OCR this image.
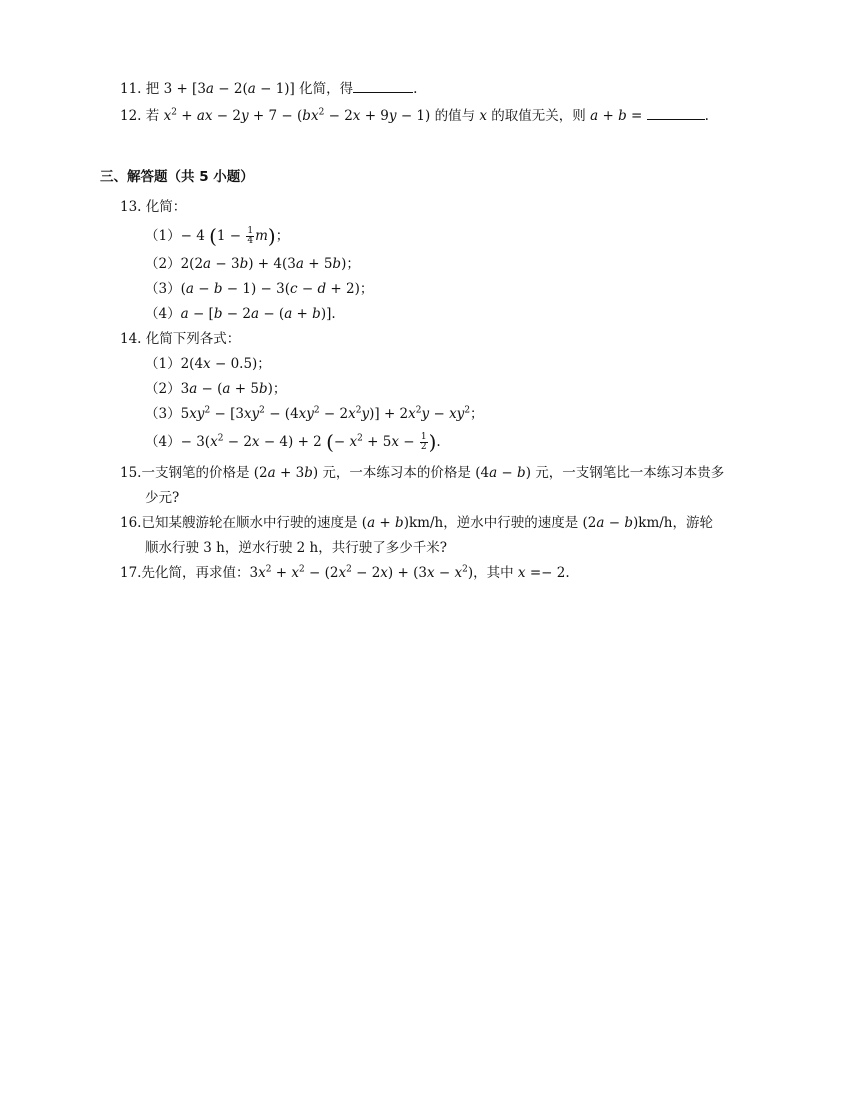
11. 把 3 + [3a − 2(a − 1)] 化简，得	.
12. 若 $x^2$ + ax − $2y + 7 - (bx^2 - 2x + 9y - 1)$ 的值与 x 的取值无关，则 a + b =	.
三、解答题（共 5 小题）
13. 化简：
（1）− 4 $(1 - \frac{1}{4} m)$；
（2）2(2a − 3b) + 4(3a + 5b)；
（3）(a − b − 1) − 3(c − d + 2)；
（4）a − [b − 2a − (a + b)].
14. 化简下列各式：
（1）2(4x − 0.5)；
（2）3a − (a + 5b)；
$(3)5xy^2 - [3xy^2 - (4xy^2 - 2x^2y)] + 2x^2y - xy^2$；
$(4)- 3(x^2 - 2x - 4) + 2$ (− $x^2 + 5x - \frac{1}{2}$ ).
15.一支钢笔的价格是 (2a + 3b) 元，一本练习本的价格是 (4a − b) 元，一支钢笔比一本练习本贵多
少元?
16.已知某艘游轮在顺水中行驶的速度是 (a + b)km/h，逆水中行驶的速度是 (2a − b)km/h，游轮
顺水行驶 3 h，逆水行驶 2 h，共行驶了多少千米?
17.先化简，再求值：$3x^2 + x^2 - (2x^2 - 2x) + (3x - x^2)$，其中 x =− 2.
